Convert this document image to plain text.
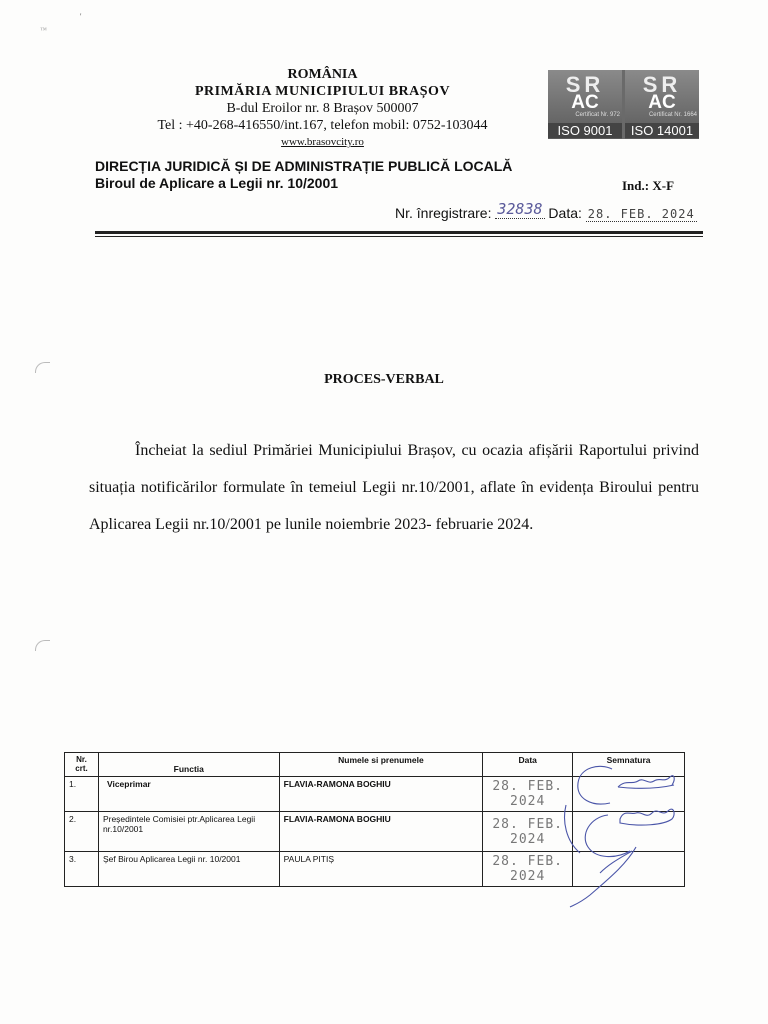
'
™
ROMÂNIA
PRIMĂRIA MUNICIPIULUI BRAȘOV
B-dul Eroilor nr. 8 Brașov 500007
Tel : +40-268-416550/int.167, telefon mobil: 0752-103044
www.brasovcity.ro
SR
AC
Certificat Nr. 972
ISO 9001
SR
AC
Certificat Nr. 1664
ISO 14001
DIRECȚIA JURIDICĂ ȘI DE ADMINISTRAȚIE PUBLICĂ LOCALĂ
Biroul de Aplicare a Legii nr. 10/2001	Ind.: X-F
Nr. înregistrare: 32838 Data: 28. FEB. 2024
PROCES-VERBAL
Încheiat la sediul Primăriei Municipiului Brașov, cu ocazia afișării Raportului privind situația notificărilor formulate în temeiul Legii nr.10/2001, aflate în evidența Biroului pentru Aplicarea Legii nr.10/2001 pe lunile noiembrie 2023- februarie 2024.
Nr. crt.	Functia	Numele si prenumele	Data	Semnatura
1.	Viceprimar	FLAVIA-RAMONA BOGHIU	28. FEB. 2024	
2.	Președintele Comisiei ptr.Aplicarea Legii nr.10/2001	FLAVIA-RAMONA BOGHIU	28. FEB. 2024	
3.	Șef Birou Aplicarea Legii nr. 10/2001	PAULA PITIȘ	28. FEB. 2024	
